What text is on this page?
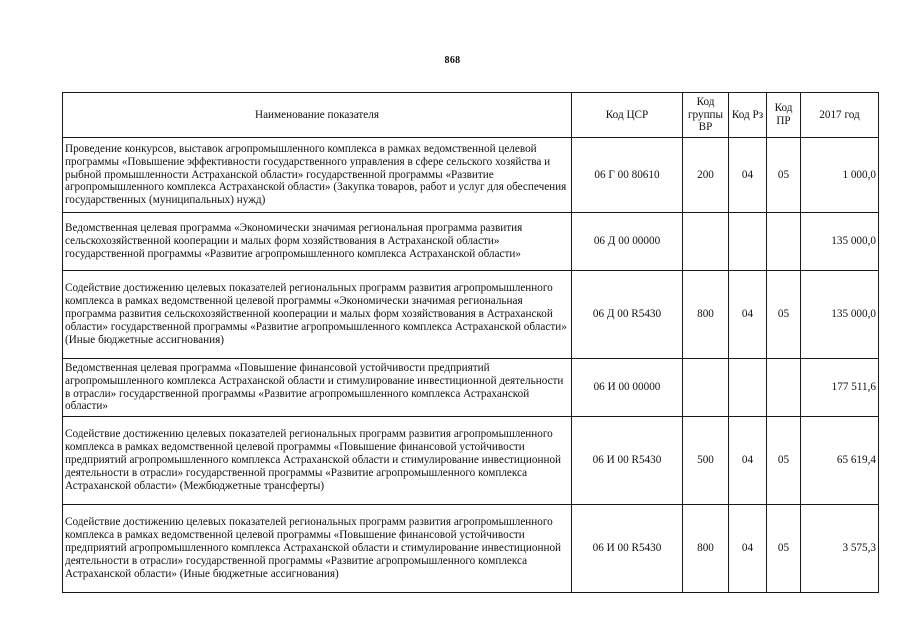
868
Наименование показателя	Код ЦСР	Код группы ВР	Код Рз	Код ПР	2017 год
Проведение конкурсов, выставок агропромышленного комплекса в рамках ведомственной целевой программы «Повышение эффективности государственного управления в сфере сельского хозяйства и рыбной промышленности Астраханской области» государственной программы «Развитие агропромышленного комплекса Астраханской области» (Закупка товаров, работ и услуг для обеспечения государственных (муниципальных) нужд)	06 Г 00 80610	200	04	05	1 000,0
Ведомственная целевая программа «Экономически значимая региональная программа развития сельскохозяйственной кооперации и малых форм хозяйствования в Астраханской области» государственной программы «Развитие агропромышленного комплекса Астраханской области»	06 Д 00 00000				135 000,0
Содействие достижению целевых показателей региональных программ развития агропромышленного комплекса в рамках ведомственной целевой программы «Экономически значимая региональная программа развития сельскохозяйственной кооперации и малых форм хозяйствования в Астраханской области» государственной программы «Развитие агропромышленного комплекса Астраханской области» (Иные бюджетные ассигнования)	06 Д 00 R5430	800	04	05	135 000,0
Ведомственная целевая программа «Повышение финансовой устойчивости предприятий агропромышленного комплекса Астраханской области и стимулирование инвестиционной деятельности в отрасли» государственной программы «Развитие агропромышленного комплекса Астраханской области»	06 И 00 00000				177 511,6
Содействие достижению целевых показателей региональных программ развития агропромышленного комплекса в рамках ведомственной целевой программы «Повышение финансовой устойчивости предприятий агропромышленного комплекса Астраханской области и стимулирование инвестиционной деятельности в отрасли» государственной программы «Развитие агропромышленного комплекса Астраханской области» (Межбюджетные трансферты)	06 И 00 R5430	500	04	05	65 619,4
Содействие достижению целевых показателей региональных программ развития агропромышленного комплекса в рамках ведомственной целевой программы «Повышение финансовой устойчивости предприятий агропромышленного комплекса Астраханской области и стимулирование инвестиционной деятельности в отрасли» государственной программы «Развитие агропромышленного комплекса Астраханской области» (Иные бюджетные ассигнования)	06 И 00 R5430	800	04	05	3 575,3
